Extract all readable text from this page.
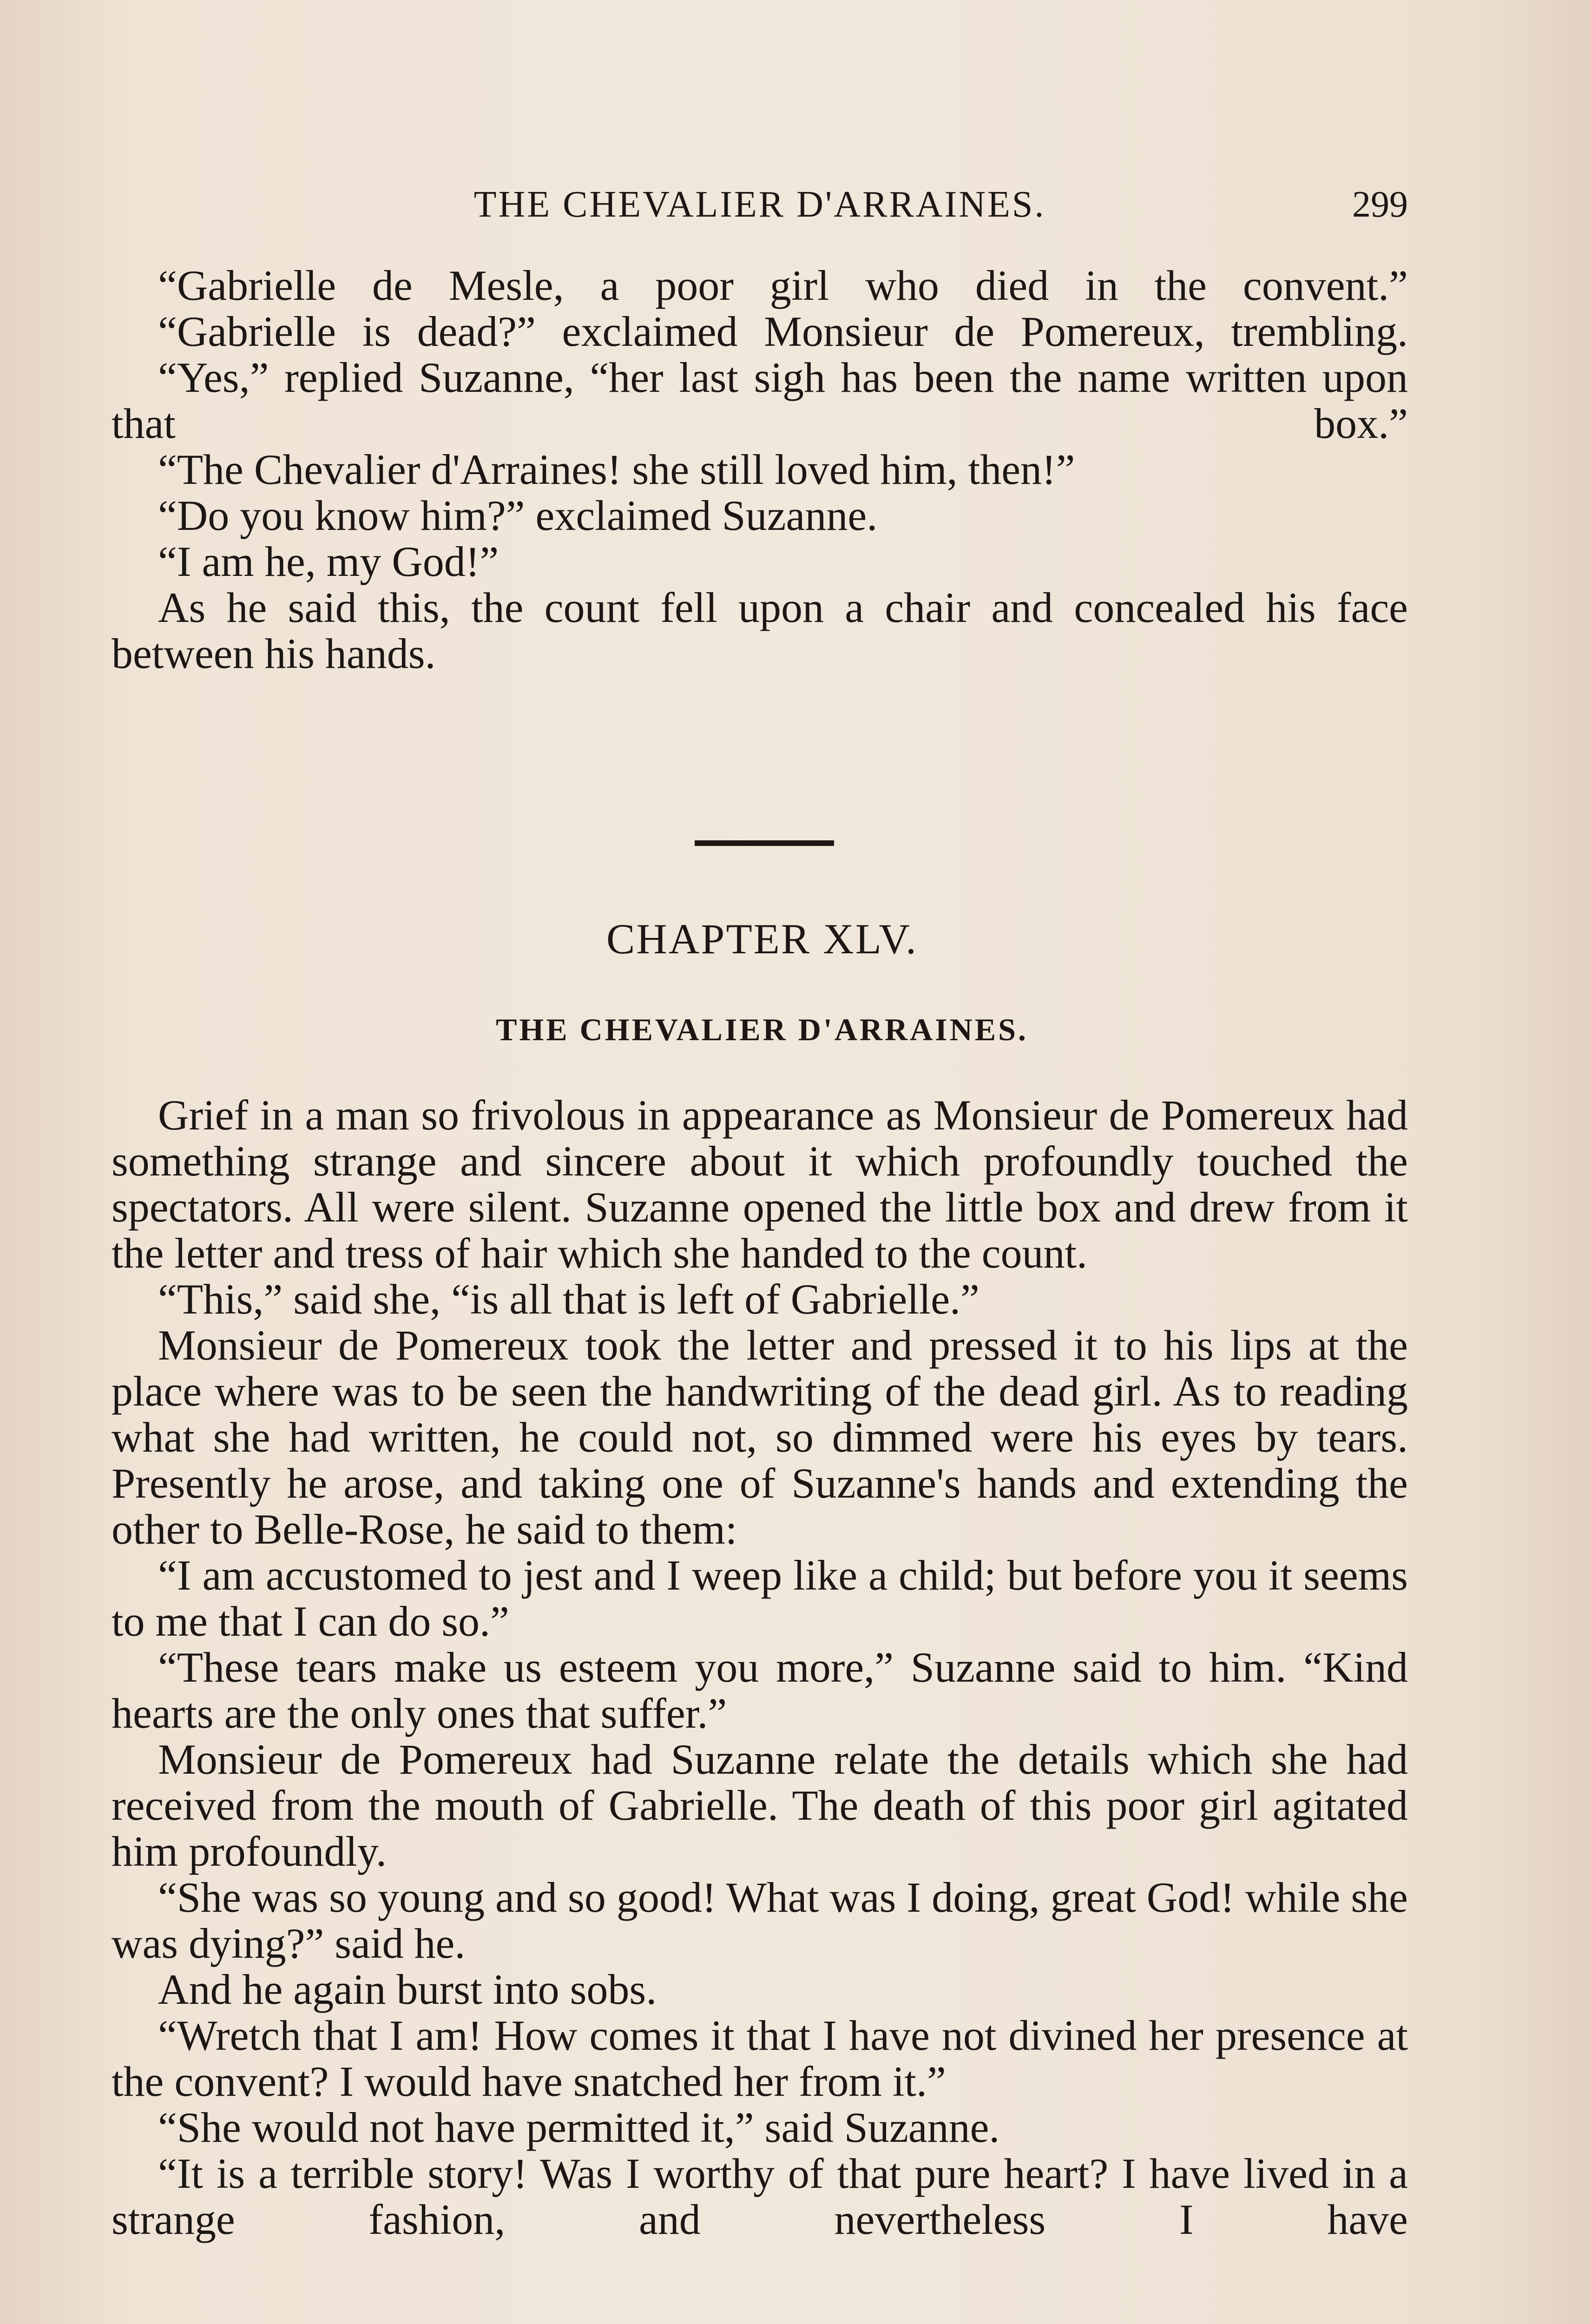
THE CHEVALIER D'ARRAINES.	299

“Gabrielle de Mesle, a poor girl who died in the convent.”

“Gabrielle is dead?” exclaimed Monsieur de Pomereux, trembling.

“Yes,” replied Suzanne, “her last sigh has been the name written upon that box.”

“The Chevalier d'Arraines! she still loved him, then!”

“Do you know him?” exclaimed Suzanne.

“I am he, my God!”

As he said this, the count fell upon a chair and concealed his face between his hands.

CHAPTER XLV.
THE CHEVALIER D'ARRAINES.

Grief in a man so frivolous in appearance as Monsieur de Pomereux had something strange and sincere about it which profoundly touched the spectators. All were silent. Suzanne opened the little box and drew from it the letter and tress of hair which she handed to the count.

“This,” said she, “is all that is left of Gabrielle.”

Monsieur de Pomereux took the letter and pressed it to his lips at the place where was to be seen the handwriting of the dead girl. As to reading what she had written, he could not, so dimmed were his eyes by tears. Presently he arose, and taking one of Suzanne's hands and extending the other to Belle-Rose, he said to them:

“I am accustomed to jest and I weep like a child; but before you it seems to me that I can do so.”

“These tears make us esteem you more,” Suzanne said to him. “Kind hearts are the only ones that suffer.”

Monsieur de Pomereux had Suzanne relate the details which she had received from the mouth of Gabrielle. The death of this poor girl agitated him profoundly.

“She was so young and so good! What was I doing, great God! while she was dying?” said he.

And he again burst into sobs.

“Wretch that I am! How comes it that I have not divined her presence at the convent? I would have snatched her from it.”

“She would not have permitted it,” said Suzanne.

“It is a terrible story! Was I worthy of that pure heart? I have lived in a strange fashion, and nevertheless I have
